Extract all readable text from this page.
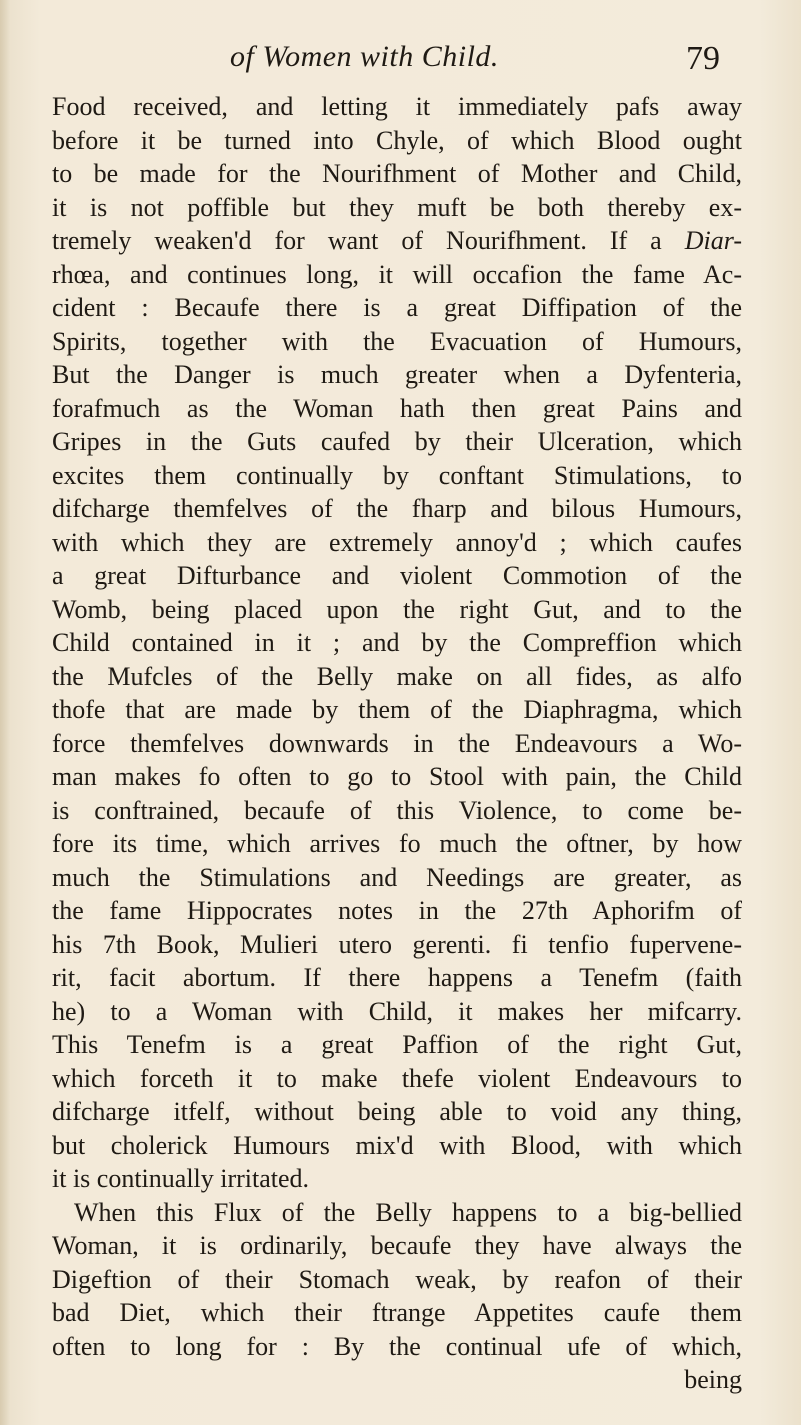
of Women with Child.	79
Food received, and letting it immediately pafs away
before it be turned into Chyle, of which Blood ought
to be made for the Nourifhment of Mother and Child,
it is not poffible but they muft be both thereby ex-
tremely weaken'd for want of Nourifhment. If a Diar-
rhœa, and continues long, it will occafion the fame Ac-
cident : Becaufe there is a great Diffipation of the
Spirits, together with the Evacuation of Humours,
But the Danger is much greater when a Dyfenteria,
forafmuch as the Woman hath then great Pains and
Gripes in the Guts caufed by their Ulceration, which
excites them continually by conftant Stimulations, to
difcharge themfelves of the fharp and bilous Humours,
with which they are extremely annoy'd ; which caufes
a great Difturbance and violent Commotion of the
Womb, being placed upon the right Gut, and to the
Child contained in it ; and by the Compreffion which
the Mufcles of the Belly make on all fides, as alfo
thofe that are made by them of the Diaphragma, which
force themfelves downwards in the Endeavours a Wo-
man makes fo often to go to Stool with pain, the Child
is conftrained, becaufe of this Violence, to come be-
fore its time, which arrives fo much the oftner, by how
much the Stimulations and Needings are greater, as
the fame Hippocrates notes in the 27th Aphorifm of
his 7th Book, Mulieri utero gerenti. fi tenfio fupervene-
rit, facit abortum. If there happens a Tenefm (faith
he) to a Woman with Child, it makes her mifcarry.
This Tenefm is a great Paffion of the right Gut,
which forceth it to make thefe violent Endeavours to
difcharge itfelf, without being able to void any thing,
but cholerick Humours mix'd with Blood, with which
it is continually irritated.
When this Flux of the Belly happens to a big-bellied
Woman, it is ordinarily, becaufe they have always the
Digeftion of their Stomach weak, by reafon of their
bad Diet, which their ftrange Appetites caufe them
often to long for : By the continual ufe of which,
being
